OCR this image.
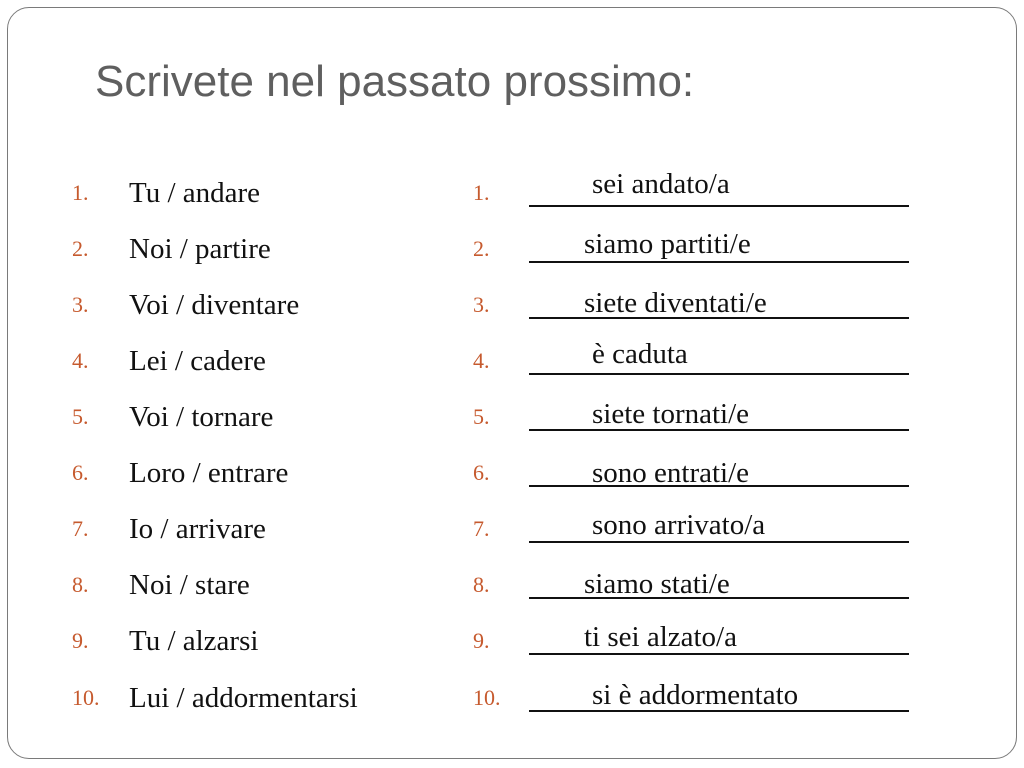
Scrivete nel passato prossimo:
1. Tu / andare
2. Noi / partire
3. Voi / diventare
4. Lei / cadere
5. Voi / tornare
6. Loro / entrare
7. Io / arrivare
8. Noi / stare
9. Tu / alzarsi
10. Lui / addormentarsi
1.	sei andato/a
2.	siamo partiti/e
3.	siete diventati/e
4.	è caduta
5.	siete tornati/e
6.	sono entrati/e
7.	sono arrivato/a
8.	siamo stati/e
9.	ti sei alzato/a
10.	si è addormentato
